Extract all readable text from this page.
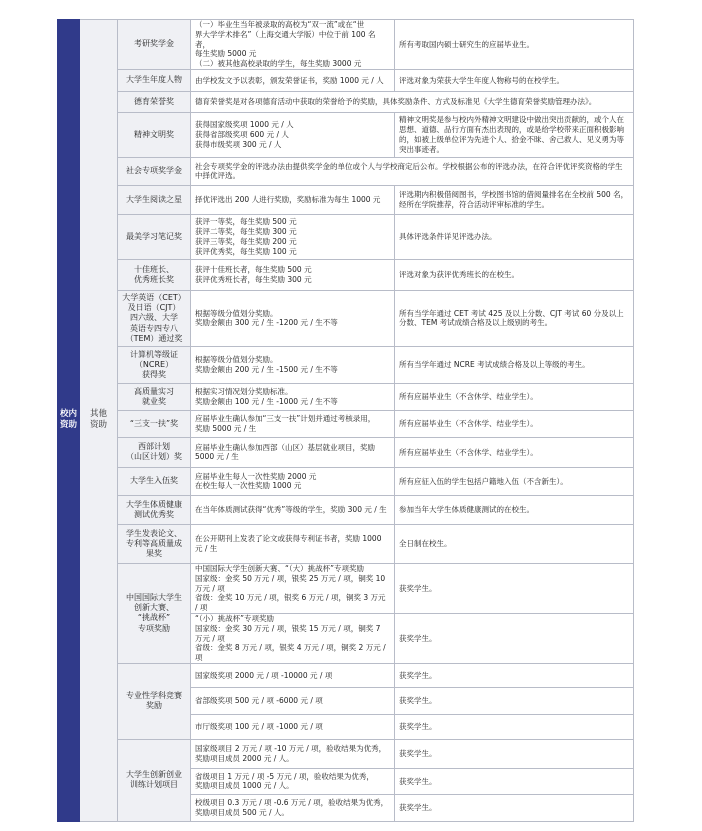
校内
资助	其他
资助	考研奖学金	（一）毕业生当年被录取的高校为“双一流”或在“世
界大学学术排名”（上海交通大学版）中位于前 100 名者，
每生奖励 5000 元
（二）被其他高校录取的学生，每生奖励 3000 元	所有考取国内硕士研究生的应届毕业生。

		大学生年度人物	由学校发文予以表彰，颁发荣誉证书，奖励 1000 元 / 人	评选对象为荣获大学生年度人物称号的在校学生。

		德育荣誉奖	德育荣誉奖是对各项德育活动中获取的荣誉给予的奖励，具体奖励条件、方式及标准见《大学生德育荣誉奖励管理办法》。	

		精神文明奖	获得国家级奖项 1000 元 / 人
获得省部级奖项 600 元 / 人
获得市级奖项 300 元 / 人	精神文明奖是参与校内外精神文明建设中做出突出贡献的，或个人在思想、道德、品行方面有杰出表现的，或是给学校带来正面积极影响的，如被上级单位评为先进个人、拾金不昧、舍己救人、见义勇为等突出事迹者。

		社会专项奖学金	社会专项奖学金的评选办法由提供奖学金的单位或个人与学校商定后公布。学校根据公布的评选办法，在符合评优评奖资格的学生中择优评选。	

		大学生阅读之星	择优评选出 200 人进行奖励，奖励标准为每生 1000 元	评选期内积极借阅图书，学校图书馆的借阅量排名在全校前 500 名，经所在学院推荐，符合活动评审标准的学生。

		最美学习笔记奖	获评一等奖，每生奖励 500 元
获评二等奖，每生奖励 300 元
获评三等奖，每生奖励 200 元
获评优秀奖，每生奖励 100 元	具体评选条件详见评选办法。

		十佳班长、
优秀班长奖	获评十佳班长者，每生奖励 500 元
获评优秀班长者，每生奖励 300 元	评选对象为获评优秀班长的在校生。

		大学英语（CET）
及日语（CJT）
四六级、大学
英语专四专八
（TEM）通过奖	根据等级分值划分奖励。
奖励金额由 300 元 / 生 -1200 元 / 生不等	所有当学年通过 CET 考试 425 及以上分数、CJT 考试 60 分及以上分数、TEM 考试成绩合格及以上级别的考生。

		计算机等级证
（NCRE）
获得奖	根据等级分值划分奖励。
奖励金额由 200 元 / 生 -1500 元 / 生不等	所有当学年通过 NCRE 考试成绩合格及以上等级的考生。

		高质量实习
就业奖	根据实习情况划分奖励标准。
奖励金额由 100 元 / 生 -1000 元 / 生不等	所有应届毕业生（不含休学、结业学生）。

		“三支一扶”奖	应届毕业生确认参加“三支一扶”计划并通过考核录用，
奖励 5000 元 / 生	所有应届毕业生（不含休学、结业学生）。

		西部计划
（山区计划）奖	应届毕业生确认参加西部（山区）基层就业项目，奖励
5000 元 / 生	所有应届毕业生（不含休学、结业学生）。

		大学生入伍奖	应届毕业生每人一次性奖励 2000 元
在校生每人一次性奖励 1000 元	所有应征入伍的学生包括户籍地入伍（不含新生）。

		大学生体质健康
测试优秀奖	在当年体质测试获得“优秀”等级的学生，奖励 300 元 / 生	参加当年大学生体质健康测试的在校生。

		学生发表论文、
专利等高质量成
果奖	在公开期刊上发表了论文或获得专利证书者，奖励 1000
元 / 生	全日制在校生。

		中国国际大学生
创新大赛、
“挑战杯”
专项奖励	中国国际大学生创新大赛、“（大）挑战杯”专项奖励
国家级：金奖 50 万元 / 项，银奖 25 万元 / 项，铜奖 10
万元 / 项
省级：金奖 10 万元 / 项，银奖 6 万元 / 项，铜奖 3 万元 / 项	获奖学生。

			“（小）挑战杯”专项奖励
国家级：金奖 30 万元 / 项，银奖 15 万元 / 项，铜奖 7
万元 / 项
省级：金奖 8 万元 / 项，银奖 4 万元 / 项，铜奖 2 万元 / 项	获奖学生。

		专业性学科竞赛
奖励	国家级奖项 2000 元 / 项 -10000 元 / 项	获奖学生。

			省部级奖项 500 元 / 项 -6000 元 / 项	获奖学生。

			市厅级奖项 100 元 / 项 -1000 元 / 项	获奖学生。

		大学生创新创业
训练计划项目	国家级项目 2 万元 / 项 -10 万元 / 项，验收结果为优秀，
奖励项目成员 2000 元 / 人。	获奖学生。

			省级项目 1 万元 / 项 -5 万元 / 项，验收结果为优秀，
奖励项目成员 1000 元 / 人。	获奖学生。

			校级项目 0.3 万元 / 项 -0.6 万元 / 项，验收结果为优秀，
奖励项目成员 500 元 / 人。	获奖学生。
